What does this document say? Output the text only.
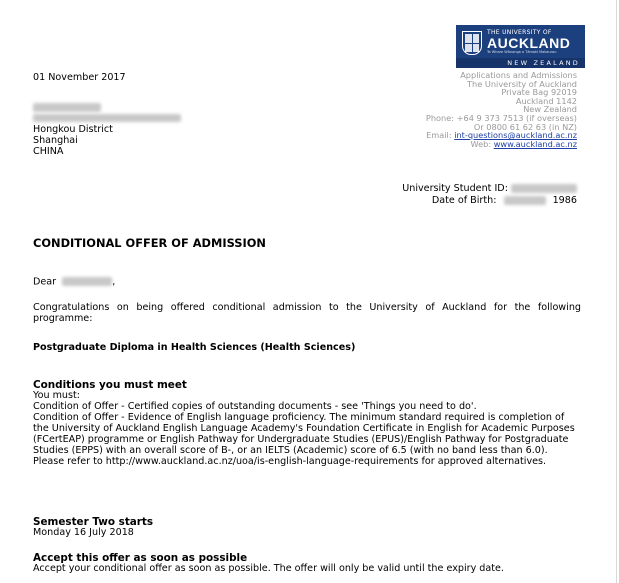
THE UNIVERSITY OF
AUCKLAND
Te Whare Wānanga o Tāmaki Makaurau
NEW ZEALAND
01 November 2017	Applications and Admissions
The University of Auckland
Private Bag 92019
Auckland 1142
New Zealand
Phone: +64 9 373 7513 (if overseas)
Or 0800 61 62 63 (in NZ)
Email: int-questions@auckland.ac.nz
Web: www.auckland.ac.nz
Hongkou District
Shanghai
CHINA
University Student ID:
Date of Birth:	1986
CONDITIONAL OFFER OF ADMISSION
Dear	,
Congratulations on being offered conditional admission to the University of Auckland for the following programme:
Postgraduate Diploma in Health Sciences (Health Sciences)
Conditions you must meet
You must:
Condition of Offer - Certified copies of outstanding documents - see 'Things you need to do'.
Condition of Offer - Evidence of English language proficiency. The minimum standard required is completion of the University of Auckland English Language Academy's Foundation Certificate in English for Academic Purposes (FCertEAP) programme or English Pathway for Undergraduate Studies (EPUS)/English Pathway for Postgraduate Studies (EPPS) with an overall score of B-, or an IELTS (Academic) score of 6.5 (with no band less than 6.0). Please refer to http://www.auckland.ac.nz/uoa/is-english-language-requirements for approved alternatives.
Semester Two starts
Monday 16 July 2018
Accept this offer as soon as possible
Accept your conditional offer as soon as possible. The offer will only be valid until the expiry date.
